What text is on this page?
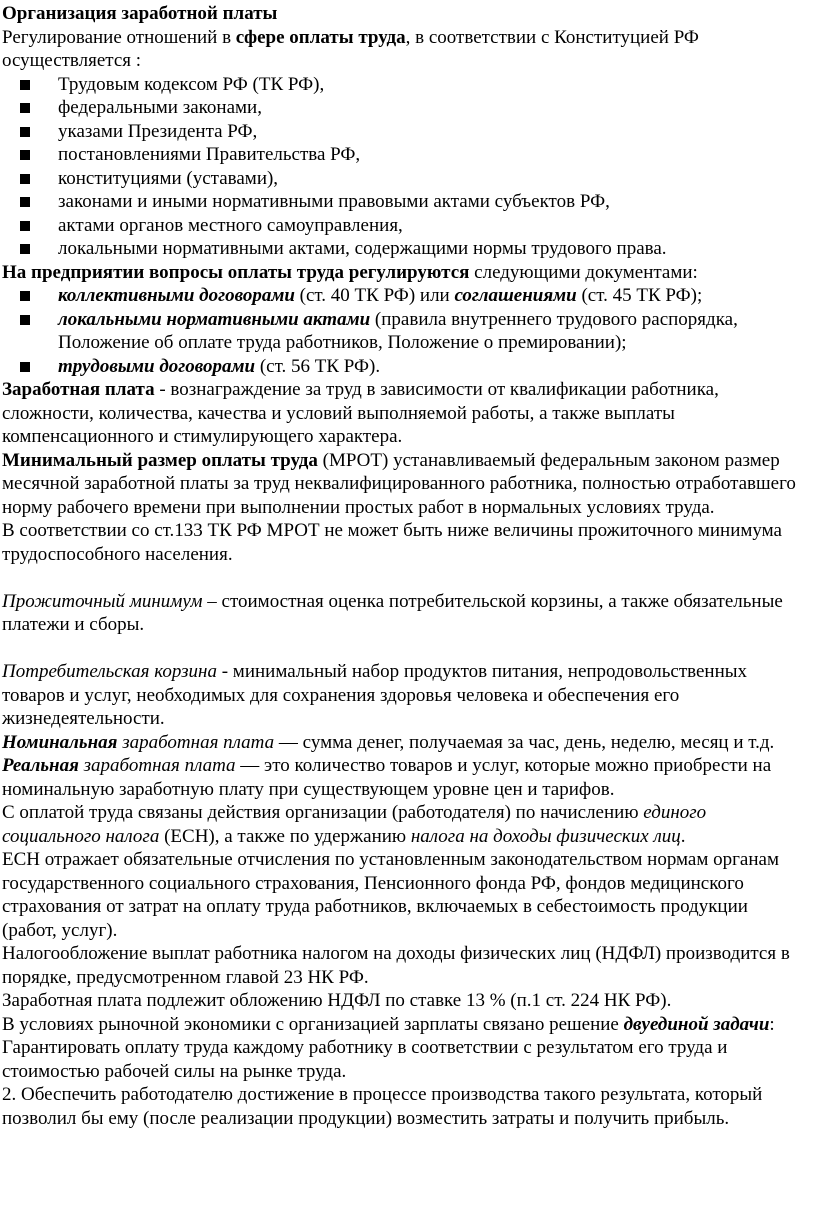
Организация заработной платы

Регулирование отношений в сфере оплаты труда, в соответствии с Конституцией РФ осуществляется :

Трудовым кодексом РФ (ТК РФ),
федеральными законами,
указами Президента РФ,
постановлениями Правительства РФ,
конституциями (уставами),
законами и иными нормативными правовыми актами субъектов РФ,
актами органов местного самоуправления,
локальными нормативными актами, содержащими нормы трудового права.

На предприятии вопросы оплаты труда регулируются следующими документами:

коллективными договорами (ст. 40 ТК РФ) или соглашениями (ст. 45 ТК РФ);
локальными нормативными актами (правила внутреннего трудового распорядка, Положение об оплате труда работников, Положение о премировании);
трудовыми договорами (ст. 56 ТК РФ).

Заработная плата - вознаграждение за труд в зависимости от квалификации работника, сложности, количества, качества и условий выполняемой работы, а также выплаты компенсационного и стимулирующего характера.

Минимальный размер оплаты труда (МРОТ) устанавливаемый федеральным законом размер месячной заработной платы за труд неквалифицированного работника, полностью отработавшего норму рабочего времени при выполнении простых работ в нормальных условиях труда.

В соответствии со ст.133 ТК РФ МРОТ не может быть ниже величины прожиточного минимума трудоспособного населения.

Прожиточный минимум – стоимостная оценка потребительской корзины, а также обязательные платежи и сборы.

Потребительская корзина - минимальный набор продуктов питания, непродовольственных товаров и услуг, необходимых для сохранения здоровья человека и обеспечения его жизнедеятельности.

Номинальная заработная плата — сумма денег, получаемая за час, день, неделю, месяц и т.д.

Реальная заработная плата — это количество товаров и услуг, которые можно приобрести на номинальную заработную плату при существующем уровне цен и тарифов.

С оплатой труда связаны действия организации (работодателя) по начислению единого социального налога (ЕСН), а также по удержанию налога на доходы физических лиц.

ЕСН отражает обязательные отчисления по установленным законодательством нормам органам государственного социального страхования, Пенсионного фонда РФ, фондов медицинского страхования от затрат на оплату труда работников, включаемых в себестоимость продукции (работ, услуг).

Налогообложение выплат работника налогом на доходы физических лиц (НДФЛ) производится в порядке, предусмотренном главой 23 НК РФ.

Заработная плата подлежит обложению НДФЛ по ставке 13 % (п.1 ст. 224 НК РФ).

В условиях рыночной экономики с организацией зарплаты связано решение двуединой задачи:

Гарантировать оплату труда каждому работнику в соответствии с результатом его труда и стоимостью рабочей силы на рынке труда.

2. Обеспечить работодателю достижение в процессе производства такого результата, который позволил бы ему (после реализации продукции) возместить затраты и получить прибыль.
